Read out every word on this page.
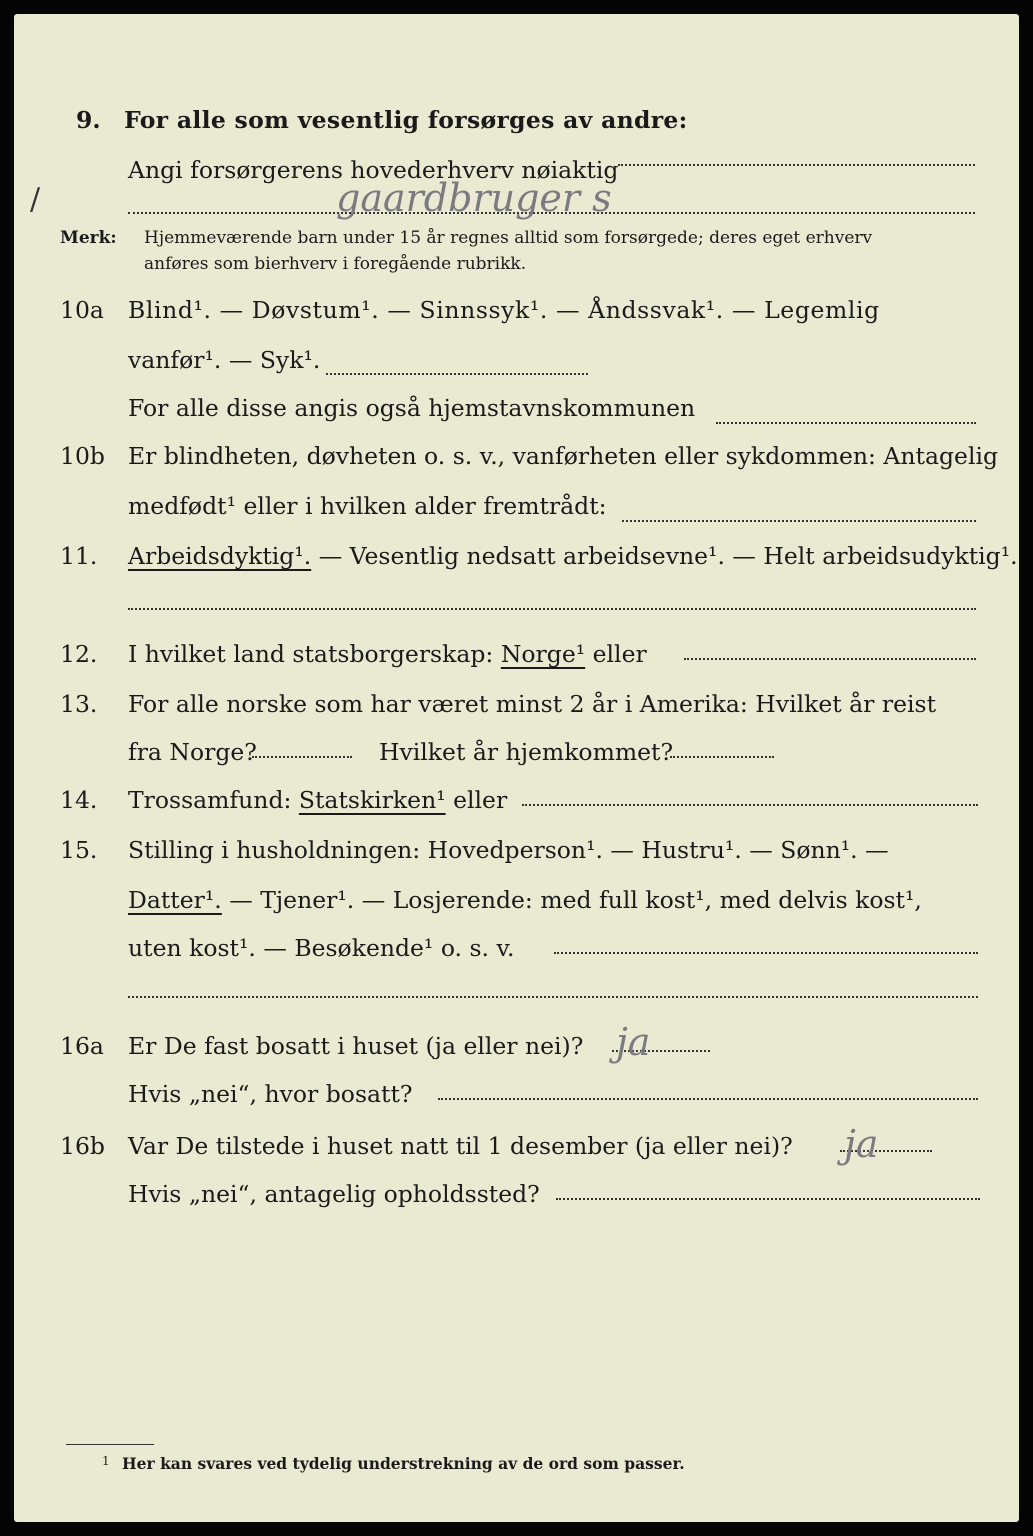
9. For alle som vesentlig forsørges av andre:
Angi forsørgerens hovederhverv nøiaktig
/	gaardbruger s
Merk: Hjemmeværende barn under 15 år regnes alltid som forsørgede; deres eget erhverv
anføres som bierhverv i foregående rubrikk.
10a Blind¹. — Døvstum¹. — Sinnssyk¹. — Åndssvak¹. — Legemlig
vanfør¹. — Syk¹.
For alle disse angis også hjemstavnskommunen
10b Er blindheten, døvheten o. s. v., vanførheten eller sykdommen: Antagelig
medfødt¹ eller i hvilken alder fremtrådt:
11. Arbeidsdyktig¹. — Vesentlig nedsatt arbeidsevne¹. — Helt arbeidsudyktig¹.
12. I hvilket land statsborgerskap: Norge¹ eller
13. For alle norske som har været minst 2 år i Amerika: Hvilket år reist
fra Norge?	Hvilket år hjemkommet?
14. Trossamfund: Statskirken¹ eller
15. Stilling i husholdningen: Hovedperson¹. — Hustru¹. — Sønn¹. —
Datter¹. — Tjener¹. — Losjerende: med full kost¹, med delvis kost¹,
uten kost¹. — Besøkende¹ o. s. v.
16a Er De fast bosatt i huset (ja eller nei)? ja
Hvis „nei“, hvor bosatt?
16b Var De tilstede i huset natt til 1 desember (ja eller nei)? ja
Hvis „nei“, antagelig opholdssted?
1 Her kan svares ved tydelig understrekning av de ord som passer.
